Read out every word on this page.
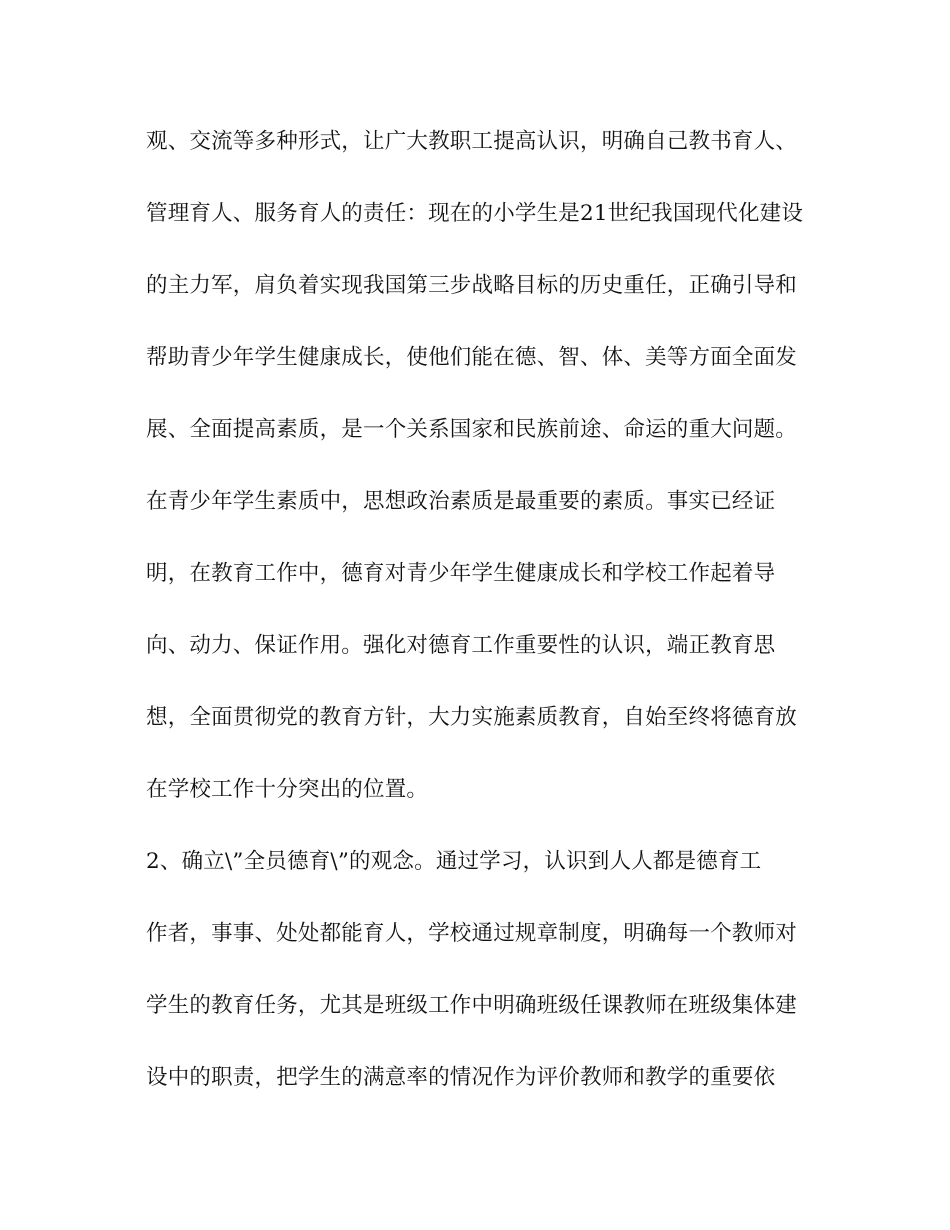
观、交流等多种形式，让广大教职工提高认识，明确自己教书育人、
管理育人、服务育人的责任：现在的小学生是21世纪我国现代化建设
的主力军，肩负着实现我国第三步战略目标的历史重任，正确引导和
帮助青少年学生健康成长，使他们能在德、智、体、美等方面全面发
展、全面提高素质，是一个关系国家和民族前途、命运的重大问题。
在青少年学生素质中，思想政治素质是最重要的素质。事实已经证
明，在教育工作中，德育对青少年学生健康成长和学校工作起着导
向、动力、保证作用。强化对德育工作重要性的认识，端正教育思
想，全面贯彻党的教育方针，大力实施素质教育，自始至终将德育放
在学校工作十分突出的位置。
2、确立\”全员德育\”的观念。通过学习，认识到人人都是德育工
作者，事事、处处都能育人，学校通过规章制度，明确每一个教师对
学生的教育任务，尤其是班级工作中明确班级任课教师在班级集体建
设中的职责，把学生的满意率的情况作为评价教师和教学的重要依
